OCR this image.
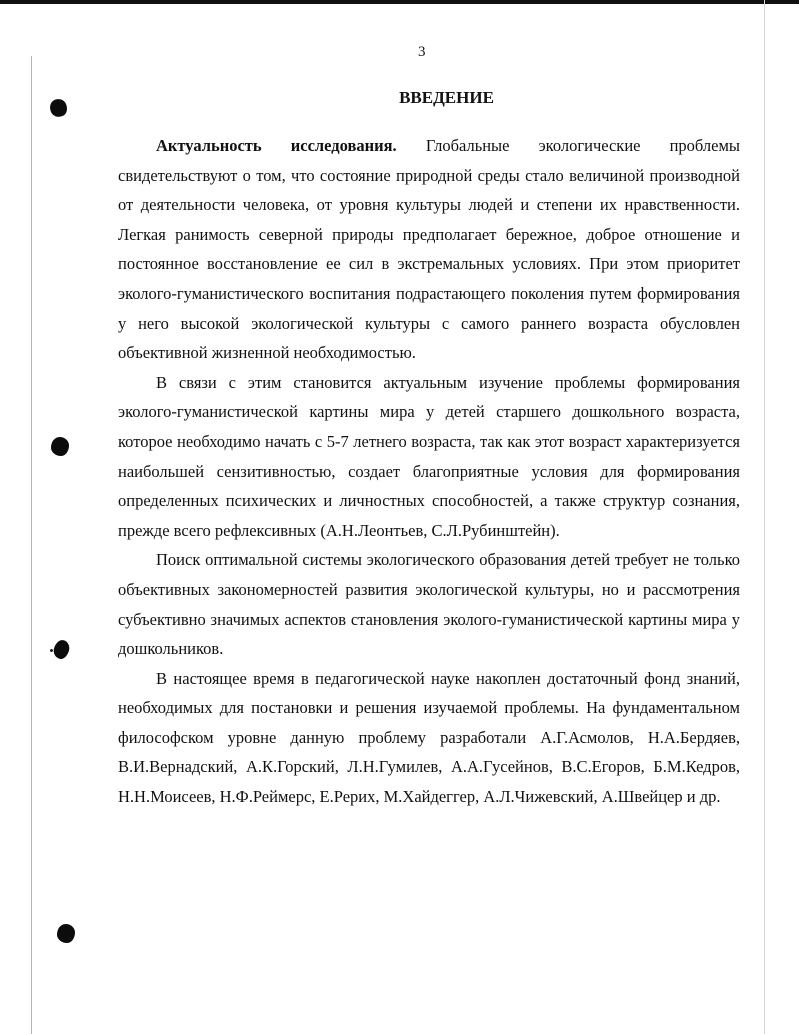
3
ВВЕДЕНИЕ

Актуальность исследования. Глобальные экологические проблемы свидетельствуют о том, что состояние природной среды стало величиной производной от деятельности человека, от уровня культуры людей и степени их нравственности. Легкая ранимость северной природы предполагает бережное, доброе отношение и постоянное восстановление ее сил в экстремальных условиях. При этом приоритет эколого-гуманистического воспитания подрастающего поколения путем формирования у него высокой экологической культуры с самого раннего возраста обусловлен объективной жизненной необходимостью.

В связи с этим становится актуальным изучение проблемы формирования эколого-гуманистической картины мира у детей старшего дошкольного возраста, которое необходимо начать с 5-7 летнего возраста, так как этот возраст характеризуется наибольшей сензитивностью, создает благоприятные условия для формирования определенных психических и личностных способностей, а также структур сознания, прежде всего рефлексивных (А.Н.Леонтьев, С.Л.Рубинштейн).

Поиск оптимальной системы экологического образования детей требует не только объективных закономерностей развития экологической культуры, но и рассмотрения субъективно значимых аспектов становления эколого-гуманистической картины мира у дошкольников.

В настоящее время в педагогической науке накоплен достаточный фонд знаний, необходимых для постановки и решения изучаемой проблемы. На фундаментальном философском уровне данную проблему разработали А.Г.Асмолов, Н.А.Бердяев, В.И.Вернадский, А.К.Горский, Л.Н.Гумилев, А.А.Гусейнов, В.С.Егоров, Б.М.Кедров, Н.Н.Моисеев, Н.Ф.Реймерс, Е.Рерих, М.Хайдеггер, А.Л.Чижевский, А.Швейцер и др.
